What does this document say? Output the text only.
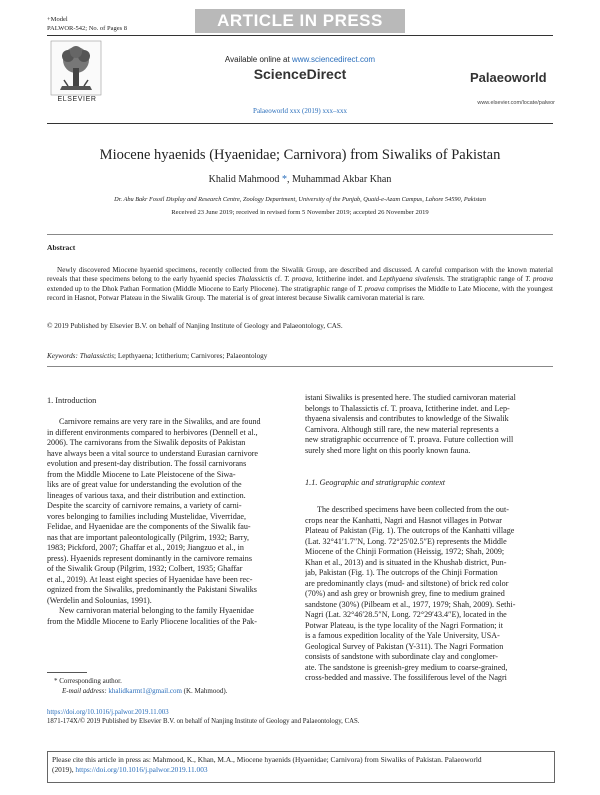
+Model
PALWOR-542; No. of Pages 8	ARTICLE IN PRESS
ELSEVIER
Available online at www.sciencedirect.com
ScienceDirect
Palaeoworld xxx (2019) xxx–xxx
Palaeoworld
www.elsevier.com/locate/palwor
Miocene hyaenids (Hyaenidae; Carnivora) from Siwaliks of Pakistan
Khalid Mahmood *, Muhammad Akbar Khan
Dr. Abu Bakr Fossil Display and Research Centre, Zoology Department, University of the Punjab, Quaid-e-Azam Campus, Lahore 54590, Pakistan
Received 23 June 2019; received in revised form 5 November 2019; accepted 26 November 2019
Abstract
Newly discovered Miocene hyaenid specimens, recently collected from the Siwalik Group, are described and discussed. A careful comparison with the known material reveals that these specimens belong to the early hyaenid species Thalassictis cf. T. proava, Ictitherine indet. and Lepthyaena sivalensis. The stratigraphic range of T. proava extended up to the Dhok Pathan Formation (Middle Miocene to Early Pliocene). The stratigraphic range of T. proava comprises the Middle to Late Miocene, with the youngest record in Hasnot, Potwar Plateau in the Siwalik Group. The material is of great interest because Siwalik carnivoran material is rare.
© 2019 Published by Elsevier B.V. on behalf of Nanjing Institute of Geology and Palaeontology, CAS.
Keywords: Thalassictis; Lepthyaena; Ictitherium; Carnivores; Palaeontology
1. Introduction
Carnivore remains are very rare in the Siwaliks, and are found
in different environments compared to herbivores (Dennell et al.,
2006). The carnivorans from the Siwalik deposits of Pakistan
have always been a vital source to understand Eurasian carnivore
evolution and present-day distribution. The fossil carnivorans
from the Middle Miocene to Late Pleistocene of the Siwa-
liks are of great value for understanding the evolution of the
lineages of various taxa, and their distribution and extinction.
Despite the scarcity of carnivore remains, a variety of carni-
vores belonging to families including Mustelidae, Viverridae,
Felidae, and Hyaenidae are the components of the Siwalik fau-
nas that are important paleontologically (Pilgrim, 1932; Barry,
1983; Pickford, 2007; Ghaffar et al., 2019; Jiangzuo et al., in
press). Hyaenids represent dominantly in the carnivore remains
of the Siwalik Group (Pilgrim, 1932; Colbert, 1935; Ghaffar
et al., 2019). At least eight species of Hyaenidae have been rec-
ognized from the Siwaliks, predominantly the Pakistani Siwaliks
(Werdelin and Solounias, 1991).
New carnivoran material belonging to the family Hyaenidae
from the Middle Miocene to Early Pliocene localities of the Pak-
istani Siwaliks is presented here. The studied carnivoran material
belongs to Thalassictis cf. T. proava, Ictitherine indet. and Lep-
thyaena sivalensis and contributes to knowledge of the Siwalik
Carnivora. Although still rare, the new material represents a
new stratigraphic occurrence of T. proava. Future collection will
surely shed more light on this poorly known fauna.
1.1. Geographic and stratigraphic context
The described specimens have been collected from the out-
crops near the Kanhatti, Nagri and Hasnot villages in Potwar
Plateau of Pakistan (Fig. 1). The outcrops of the Kanhatti village
(Lat. 32°41′1.7″N, Long. 72°25′02.5″E) represents the Middle
Miocene of the Chinji Formation (Heissig, 1972; Shah, 2009;
Khan et al., 2013) and is situated in the Khushab district, Pun-
jab, Pakistan (Fig. 1). The outcrops of the Chinji Formation
are predominantly clays (mud- and siltstone) of brick red color
(70%) and ash grey or brownish grey, fine to medium grained
sandstone (30%) (Pilbeam et al., 1977, 1979; Shah, 2009). Sethi-
Nagri (Lat. 32°46′28.5″N, Long. 72°29′43.4″E), located in the
Potwar Plateau, is the type locality of the Nagri Formation; it
is a famous expedition locality of the Yale University, USA-
Geological Survey of Pakistan (Y-311). The Nagri Formation
consists of sandstone with subordinate clay and conglomer-
ate. The sandstone is greenish-grey medium to coarse-grained,
cross-bedded and massive. The fossiliferous level of the Nagri
* Corresponding author.
E-mail address: khalidkarmt1@gmail.com (K. Mahmood).
https://doi.org/10.1016/j.palwor.2019.11.003
1871-174X/© 2019 Published by Elsevier B.V. on behalf of Nanjing Institute of Geology and Palaeontology, CAS.
Please cite this article in press as: Mahmood, K., Khan, M.A., Miocene hyaenids (Hyaenidae; Carnivora) from Siwaliks of Pakistan. Palaeoworld
(2019), https://doi.org/10.1016/j.palwor.2019.11.003
